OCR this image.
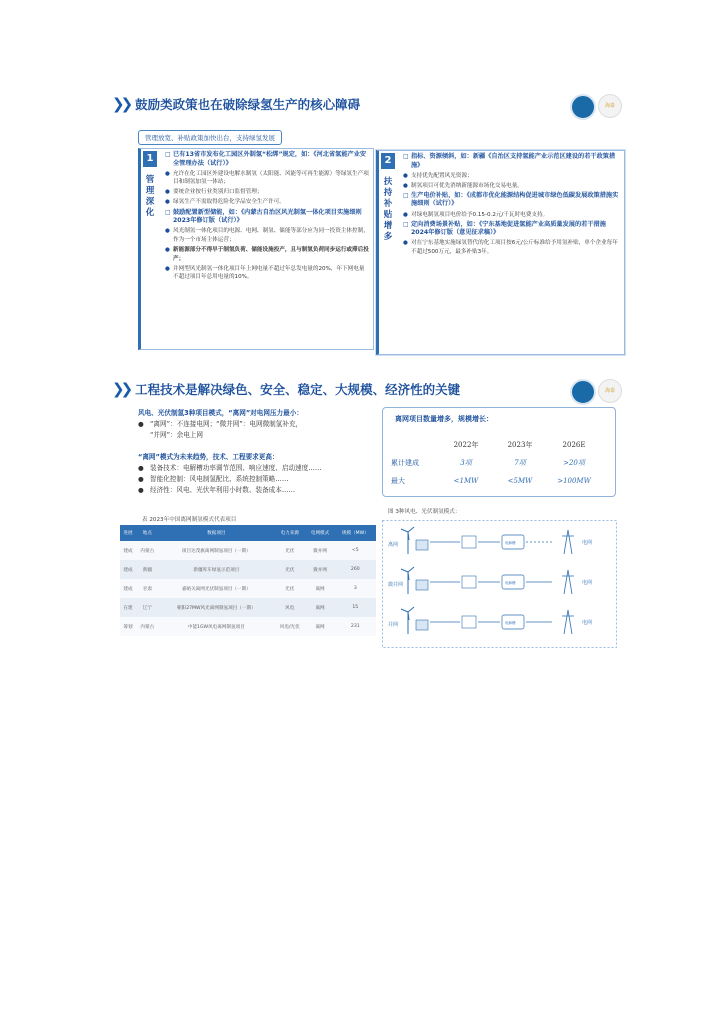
❯❯ 鼓励类政策也在破除绿氢生产的核心障碍	海泰
管理放宽、补贴政策加快出台，支持绿氢发展
1
管理深化
□ 已有13省市发布化工园区外制氢“松绑”规定，如：《河北省氢能产业安全管理办法（试行）》
● 允许在化工园区外建设电解水制氢（太阳能、风能等可再生能源）等绿氢生产项目和制氢加氢一体站；
● 要统企业按行业类别归口监督管理；
● 绿氢生产不需取得危险化学品安全生产许可。
□ 鼓励配置新型储能，如：《内蒙古自治区风光制氢一体化项目实施细则2023年修订版（试行）》
● 风光制氢一体化项目的电源、电网、制氢、储能等部分应为同一投资主体控制，作为一个市场主体运营；
● 新能源部分不得早于制氢负荷、储能设施投产，且与制氢负荷同步运行或滞后投产；
● 并网型风光制氢一体化项目年上网电量不超过年总发电量的20%，年下网电量不超过项目年总用电量的10%。
2
扶持补贴增多
□ 指标、资源倾斜，如：新疆《自治区支持氢能产业示范区建设的若干政策措施》
● 支持优先配置风光资源；
● 制氢项目可优先消纳新能源市场化交易电量。
□ 生产电价补贴，如：《成都市优化能源结构促进城市绿色低碳发展政策措施实施细则（试行）》
● 对绿电制氢项目电价给予0.15-0.2元/千瓦时电费支持。
□ 定向消费场景补贴，如：《宁东基地促进氢能产业高质量发展的若干措施2024年修订版（意见征求稿）》
● 对在宁东基地实施绿氢替代的化工项目按6元/公斤标准给予用氢补贴，单个企业每年不超过500万元，最多补贴3年。
❯❯ 工程技术是解决绿色、安全、稳定、大规模、经济性的关键	海泰
风电、光伏制氢3种项目模式，“离网”对电网压力最小：
● “离网”：不连接电网；“微并网”：电网微制氢补充，
“并网”：余电上网
“离网”模式为未来趋势，技术、工程要求更高：
● 装备技术：电解槽功率调节范围、响应速度、启动速度……
● 智能化控制：风电制氢配比、系统控制策略……
● 经济性：风电、光伏年利用小时数、装备成本……
离网项目数量增多，规模增长：
2022年	2023年	2026E
累计建成	3项	7项	>20项
最大	<1MW	<5MW	>100MW
表 2023年中国离网制氢模式代表项目
进展	地点	数据项目	电力来源	电网模式	规模（MW）
建成	内蒙古	项目达茂旗离网制氢项目（一期）	光伏	微并网	<5
建成	新疆	新疆库车绿氢示范项目	光伏	微并网	260
建成	甘肃	嘉峪关离网光伏制氢项目（一期）	光伏	离网	3
在建	辽宁	朝阳27MW风光离网制氢项目（一期）	风电	离网	15
筹划	内蒙古	中能1GW风电离网制氢项目	风电/光伏	离网	231
图 3种风电、光伏制氢模式：
离网	电解槽	电网
微并网	电解槽	电网
并网	电解槽	电网
